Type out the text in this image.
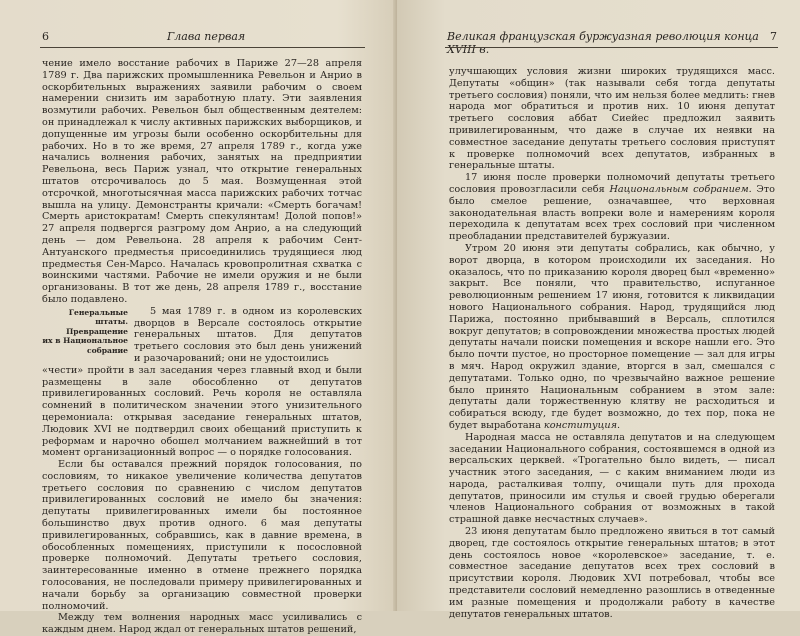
6	Глава первая

чение имело восстание рабочих в Париже 27—28 апреля 1789 г. Два парижских промышленника Ревельон и Анрио в оскорбительных выражениях заявили рабочим о своем намерении снизить им заработную плату. Эти заявления возмутили рабочих. Ревельон был общественным деятелем: он принадлежал к числу активных парижских выборщиков, и допущенные им угрозы были особенно оскорбительны для рабочих. Но в то же время, 27 апреля 1789 г., когда уже начались волнения рабочих, занятых на предприятии Ревельона, весь Париж узнал, что открытие генеральных штатов отсрочивалось до 5 мая. Возмущенная этой отсрочкой, многотысячная масса парижских рабочих тотчас вышла на улицу. Демонстранты кричали: «Смерть богачам! Смерть аристократам! Смерть спекулянтам! Долой попов!» 27 апреля подвергся разгрому дом Анрио, а на следующий день — дом Ревельона. 28 апреля к рабочим Сент-Антуанского предместья присоединились трудящиеся люд предместья Сен-Марсо. Началась кровопролитная схватка с воинскими частями. Рабочие не имели оружия и не были организованы. В тот же день, 28 апреля 1789 г., восстание было подавлено.

Генеральные штаты.
Превращение
их в Национальное
собрание

5 мая 1789 г. в одном из королевских дворцов в Версале состоялось открытие генеральных штатов. Для депутатов третьего сословия это был день унижений и разочарований; они не удостоились

«чести» пройти в зал заседания через главный вход и были размещены в зале обособленно от депутатов привилегированных сословий. Речь короля не оставляла сомнений в политическом значении этого унизительного церемониала: открывая заседание генеральных штатов, Людовик XVI не подтвердил своих обещаний приступить к реформам и нарочно обошел молчанием важнейший в тот момент организационный вопрос — о порядке голосования.

Если бы оставался прежний порядок голосования, по сословиям, то никакое увеличение количества депутатов третьего сословия по сравнению с числом депутатов привилегированных сословий не имело бы значения: депутаты привилегированных имели бы постоянное большинство двух против одного. 6 мая депутаты привилегированных, собравшись, как в давние времена, в обособленных помещениях, приступили к посословной проверке полномочий. Депутаты третьего сословия, заинтересованные именно в отмене прежнего порядка голосования, не последовали примеру привилегированных и начали борьбу за организацию совместной проверки полномочий.

Между тем волнения народных масс усиливались с каждым днем. Народ ждал от генеральных штатов решений,

Великая французская буржуазная революция конца XVIII в.
7

улучшающих условия жизни широких трудящихся масс. Депутаты «общин» (так называли себя тогда депутаты третьего сословия) поняли, что им нельзя более медлить: гнев народа мог обратиться и против них. 10 июня депутат третьего сословия аббат Сиейес предложил заявить привилегированным, что даже в случае их неявки на совместное заседание депутаты третьего сословия приступят к проверке полномочий всех депутатов, избранных в генеральные штаты.

17 июня после проверки полномочий депутаты третьего сословия провозгласили себя Национальным собранием. Это было смелое решение, означавшее, что верховная законодательная власть вопреки воле и намерениям короля переходила к депутатам всех трех сословий при численном преобладании представителей буржуазии.

Утром 20 июня эти депутаты собрались, как обычно, у ворот дворца, в котором происходили их заседания. Но оказалось, что по приказанию короля дворец был «временно» закрыт. Все поняли, что правительство, испуганное революционным решением 17 июня, готовится к ликвидации нового Национального собрания. Народ, трудящийся люд Парижа, постоянно прибывавший в Версаль, сплотился вокруг депутатов; в сопровождении множества простых людей депутаты начали поиски помещения и вскоре нашли его. Это было почти пустое, но просторное помещение — зал для игры в мяч. Народ окружил здание, вторгся в зал, смешался с депутатами. Только одно, по чрезвычайно важное решение было принято Национальным собранием в этом зале: депутаты дали торжественную клятву не расходиться и собираться всюду, где будет возможно, до тех пор, пока не будет выработана конституция.

Народная масса не оставляла депутатов и на следующем заседании Национального собрания, состоявшемся в одной из версальских церквей. «Трогательно было видеть, — писал участник этого заседания, — с каким вниманием люди из народа, расталкивая толпу, очищали путь для прохода депутатов, приносили им стулья и своей грудью оберегали членов Национального собрания от возможных в такой страшной давке несчастных случаев».

23 июня депутатам было предложено явиться в тот самый дворец, где состоялось открытие генеральных штатов; в этот день состоялось новое «королевское» заседание, т. е. совместное заседание депутатов всех трех сословий в присутствии короля. Людовик XVI потребовал, чтобы все представители сословий немедленно разошлись в отведенные им разные помещения и продолжали работу в качестве депутатов генеральных штатов.
